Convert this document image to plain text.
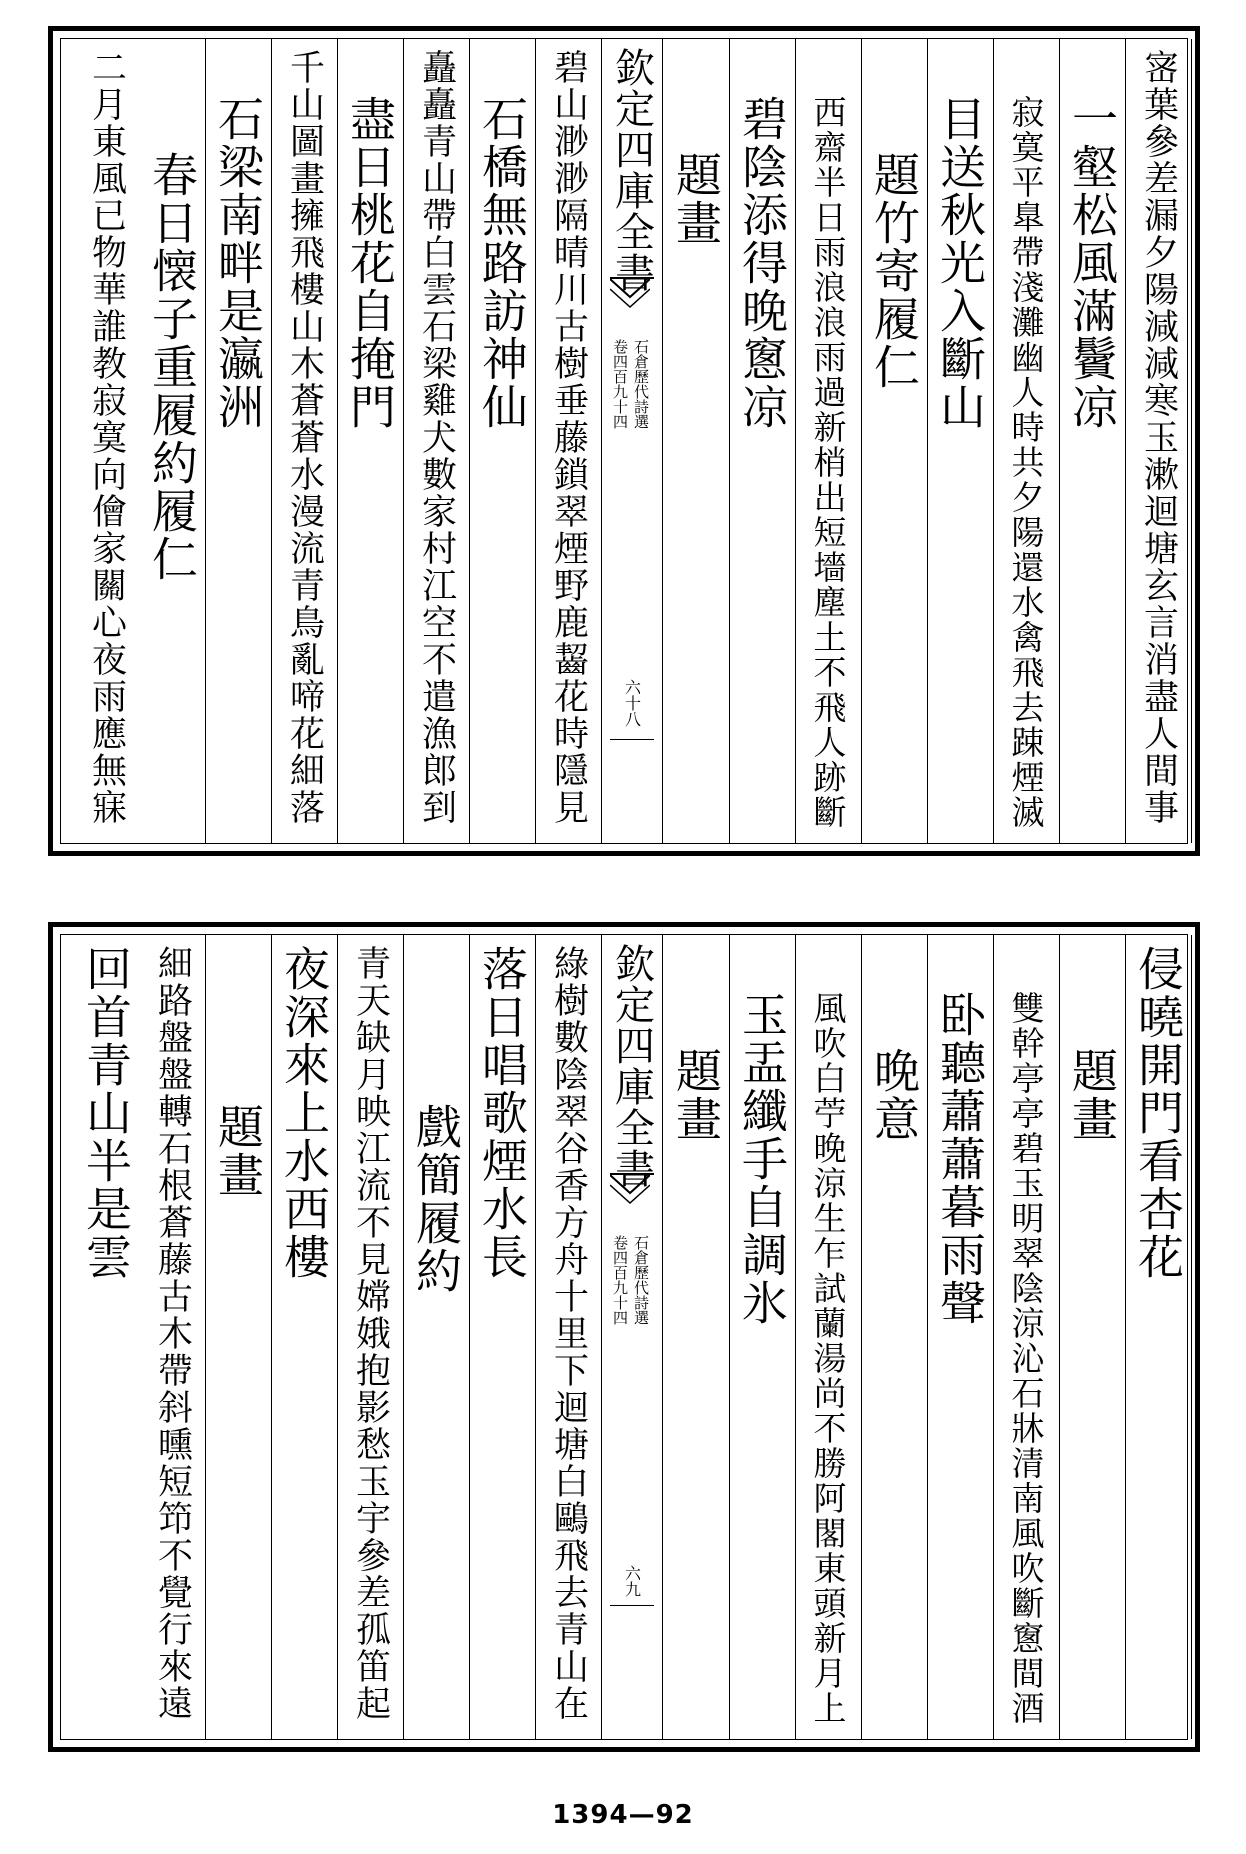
宻葉參差漏夕陽減減寒玉漱迴塘玄言消盡人間事
一壑松風滿鬢凉
寂寞平臯帶淺灘幽人時共夕陽還水禽飛去踈煙滅
目送秋光入斷山
題竹寄履仁
西齋半日雨浪浪雨過新梢出短墻塵土不飛人跡斷
碧陰添得晚窻凉
題畫
欽定四庫全書
石倉歷代詩選
卷四百九十四
六十八
碧山渺渺隔晴川古樹垂藤鎖翠煙野鹿齧花時隱見
石橋無路訪神仙
矗矗青山帶白雲石梁雞犬數家村江空不遣漁郎到
盡日桃花自掩門
千山圖畫擁飛樓山木蒼蒼水漫流青鳥亂啼花細落
石梁南畔是瀛洲
春日懐子重履約履仁
二月東風已物華誰教寂寞向儈家關心夜雨應無寐
侵曉開門看杏花
題畫
雙幹亭亭碧玉明翠陰涼沁石牀清南風吹斷窻間酒
卧聽蕭蕭暮雨聲
晚意
風吹白苧晚涼生乍試蘭湯尚不勝阿閣東頭新月上
玉盂纖手自調氷
題畫
欽定四庫全書
石倉歷代詩選
卷四百九十四
六九
綠樹數陰翠谷香方舟十里下迴塘白鷗飛去青山在
落日唱歌煙水長
戲簡履約
青天缺月映江流不見嫦娥抱影愁玉宇參差孤笛起
夜深來上水西樓
題畫
細路盤盤轉石根蒼藤古木帶斜曛短笻不覺行來遠
回首青山半是雲
1394—92
